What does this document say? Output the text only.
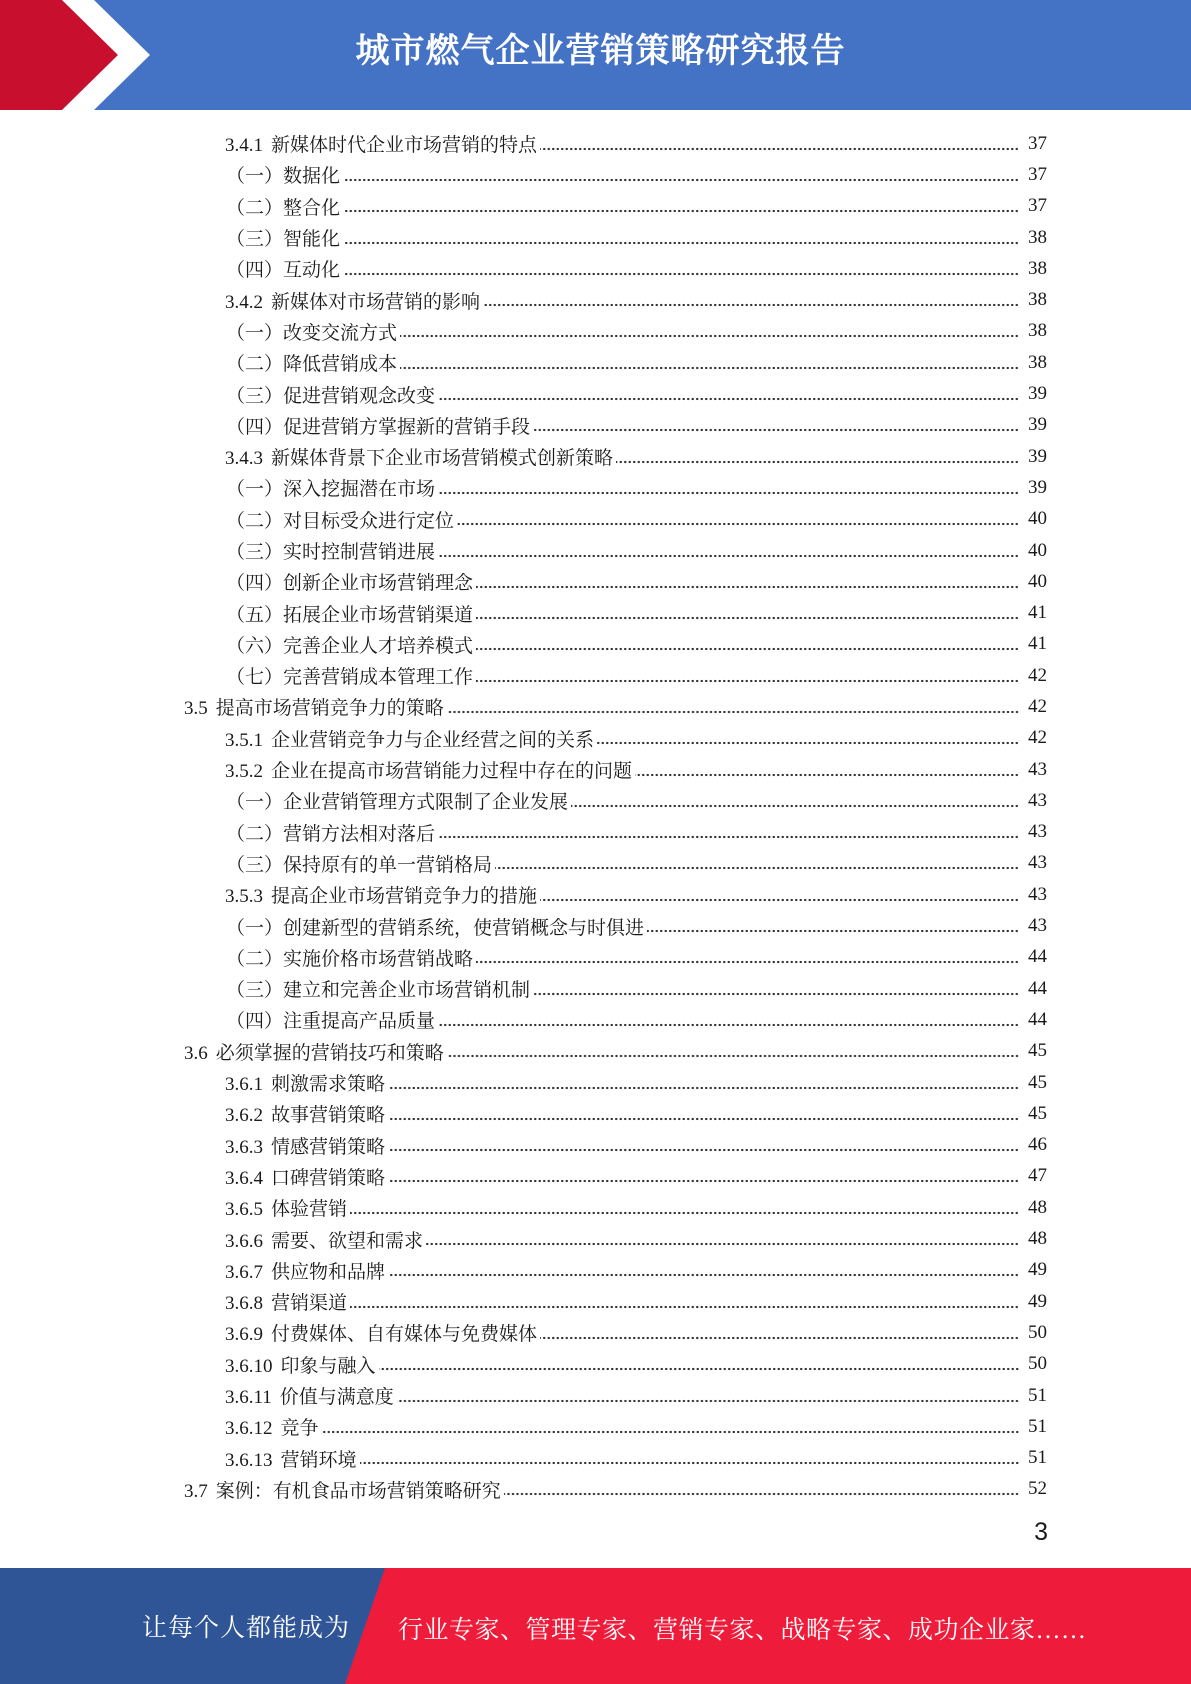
城市燃气企业营销策略研究报告
3.4.1 新媒体时代企业市场营销的特点	37
（一）数据化	37
（二）整合化	37
（三）智能化	38
（四）互动化	38
3.4.2 新媒体对市场营销的影响	38
（一）改变交流方式	38
（二）降低营销成本	38
（三）促进营销观念改变	39
（四）促进营销方掌握新的营销手段	39
3.4.3 新媒体背景下企业市场营销模式创新策略	39
（一）深入挖掘潜在市场	39
（二）对目标受众进行定位	40
（三）实时控制营销进展	40
（四）创新企业市场营销理念	40
（五）拓展企业市场营销渠道	41
（六）完善企业人才培养模式	41
（七）完善营销成本管理工作	42
3.5 提高市场营销竞争力的策略	42
3.5.1 企业营销竞争力与企业经营之间的关系	42
3.5.2 企业在提高市场营销能力过程中存在的问题	43
（一）企业营销管理方式限制了企业发展	43
（二）营销方法相对落后	43
（三）保持原有的单一营销格局	43
3.5.3 提高企业市场营销竞争力的措施	43
（一）创建新型的营销系统，使营销概念与时俱进	43
（二）实施价格市场营销战略	44
（三）建立和完善企业市场营销机制	44
（四）注重提高产品质量	44
3.6 必须掌握的营销技巧和策略	45
3.6.1 刺激需求策略	45
3.6.2 故事营销策略	45
3.6.3 情感营销策略	46
3.6.4 口碑营销策略	47
3.6.5 体验营销	48
3.6.6 需要、欲望和需求	48
3.6.7 供应物和品牌	49
3.6.8 营销渠道	49
3.6.9 付费媒体、自有媒体与免费媒体	50
3.6.10 印象与融入	50
3.6.11 价值与满意度	51
3.6.12 竞争	51
3.6.13 营销环境	51
3.7 案例：有机食品市场营销策略研究	52
3
让每个人都能成为 行业专家、管理专家、营销专家、战略专家、成功企业家……
